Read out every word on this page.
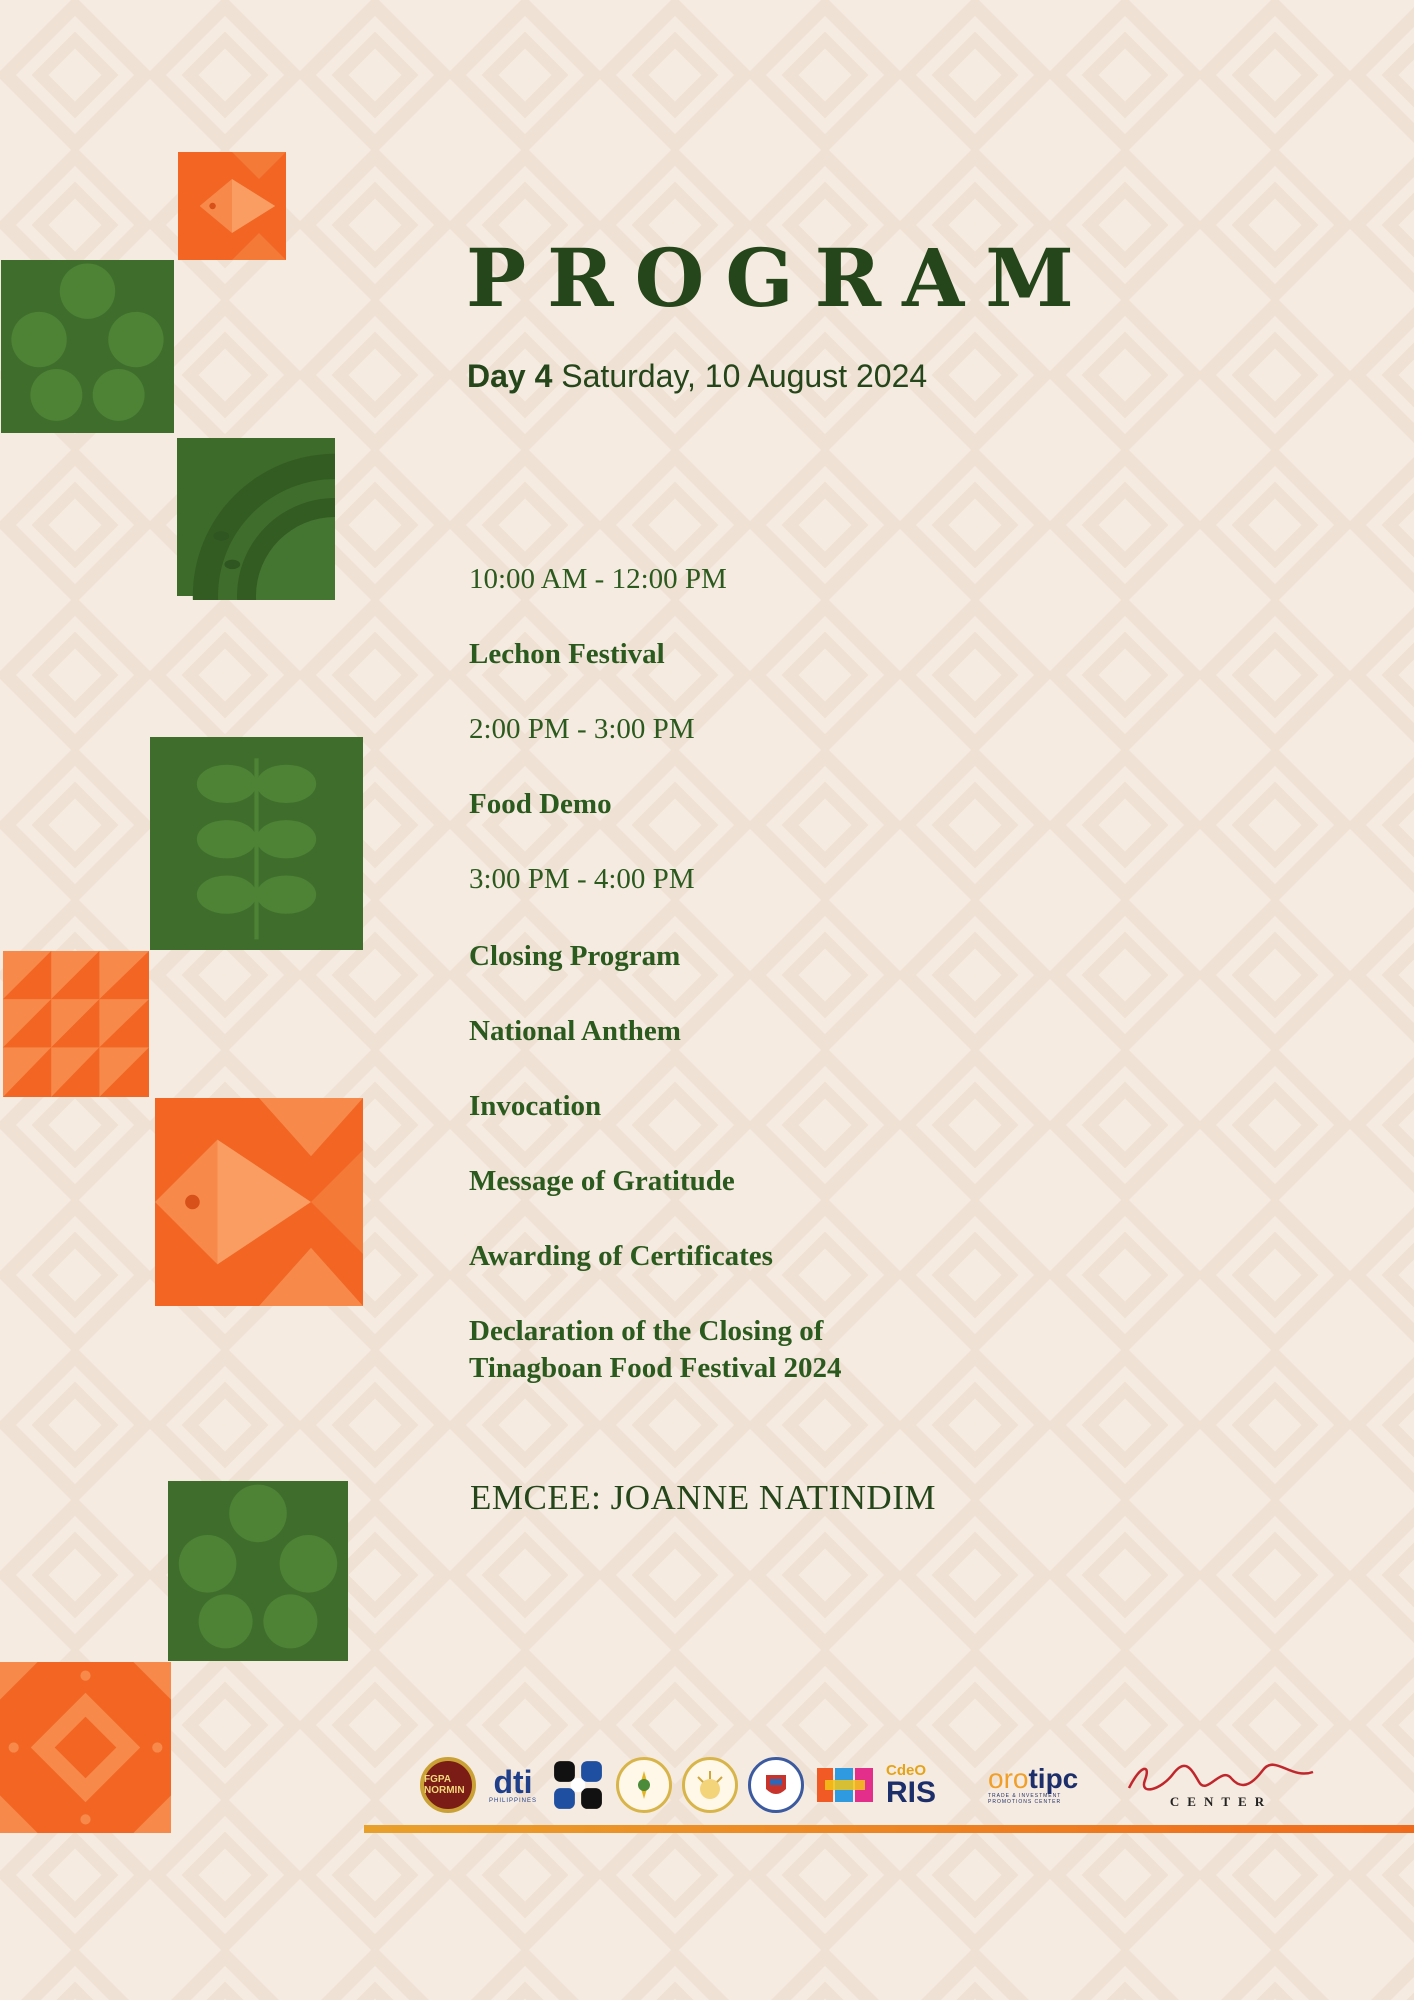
PROGRAM

Day 4 Saturday, 10 August 2024

10:00 AM - 12:00 PM

Lechon Festival

2:00 PM - 3:00 PM

Food Demo

3:00 PM - 4:00 PM

Closing Program

National Anthem

Invocation

Message of Gratitude

Awarding of Certificates

Declaration of the Closing of
Tinagboan Food Festival 2024

EMCEE: JOANNE NATINDIM

FGPA NORMIN dti
PHILIPPINES
CdeO
RIS orotipc
TRADE & INVESTMENT PROMOTIONS CENTER	CENTER
